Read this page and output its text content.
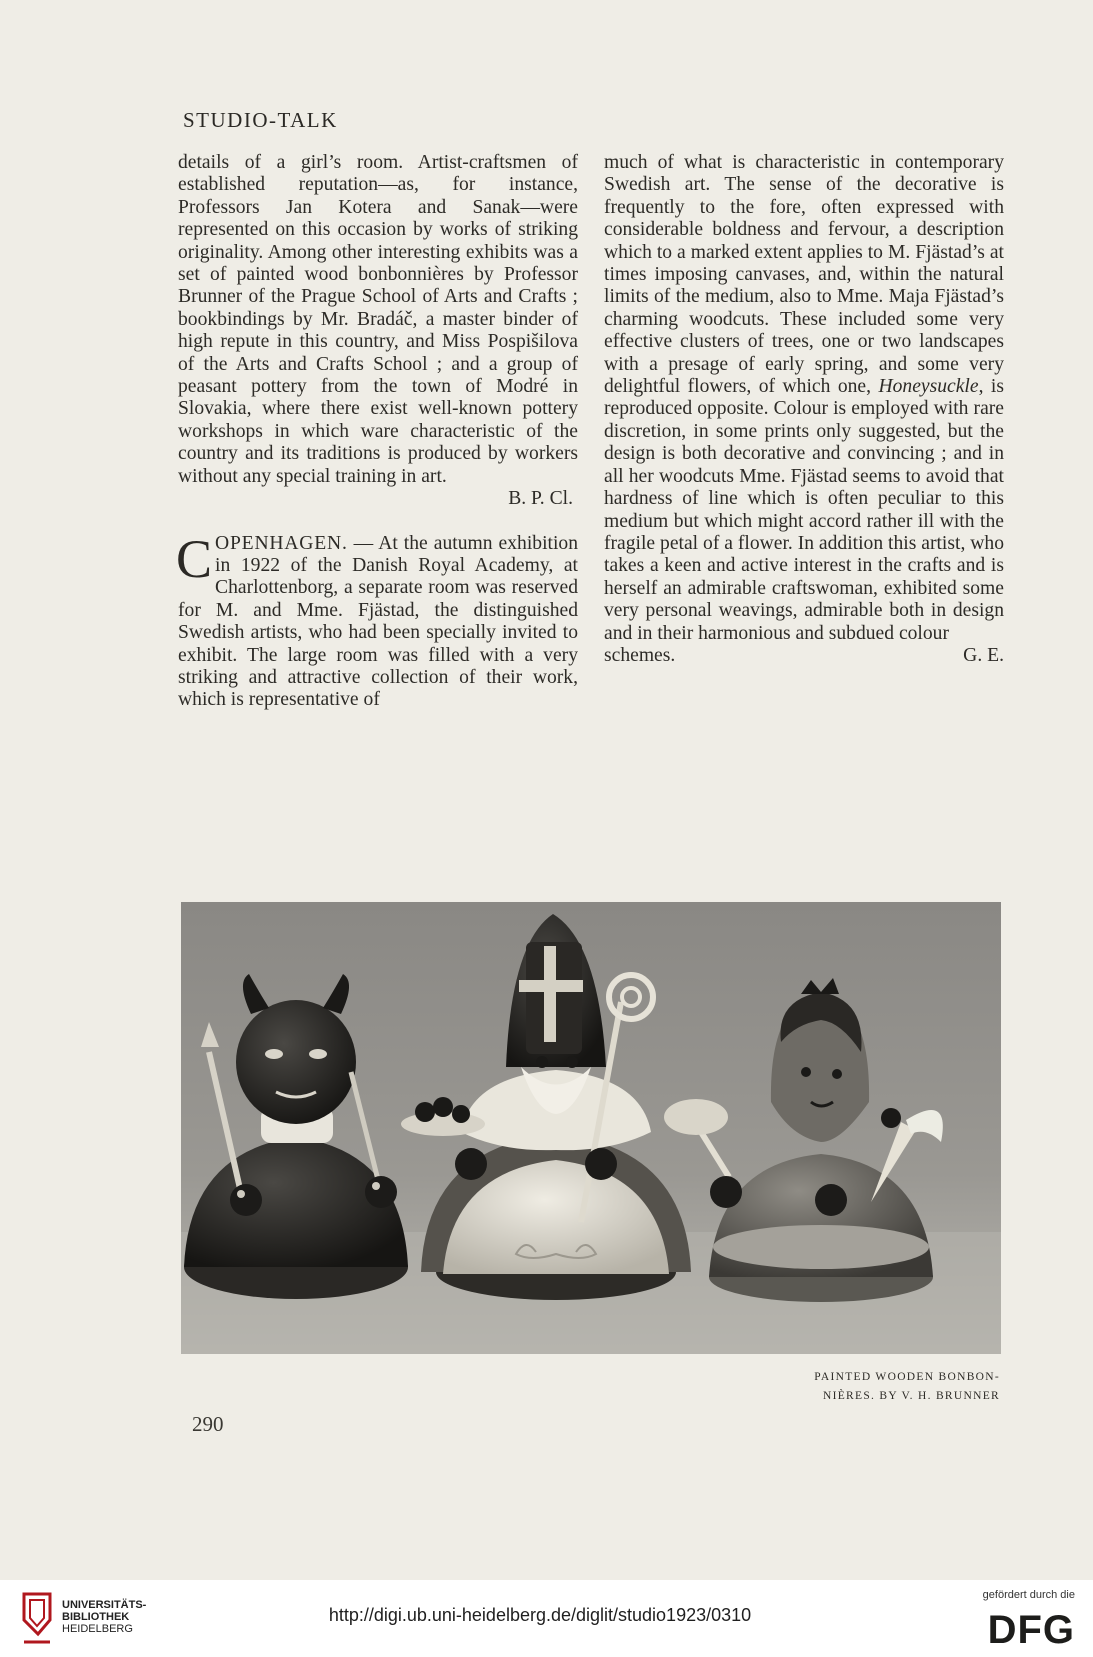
STUDIO-TALK

details of a girl’s room. Artist-craftsmen of established reputation—as, for instance, Professors Jan Kotera and Sanak—were represented on this occasion by works of striking originality. Among other interesting exhibits was a set of painted wood bonbonnières by Professor Brunner of the Prague School of Arts and Crafts ; bookbindings by Mr. Bradáč, a master binder of high repute in this country, and Miss Pospišilova of the Arts and Crafts School ; and a group of peasant pottery from the town of Modré in Slovakia, where there exist well-known pottery workshops in which ware characteristic of the country and its traditions is produced by workers without any special training in art.

B. P. Cl.

COPENHAGEN. — At the autumn exhibition in 1922 of the Danish Royal Academy, at Charlottenborg, a separate room was reserved for M. and Mme. Fjästad, the distinguished Swedish artists, who had been specially invited to exhibit. The large room was filled with a very striking and attractive collection of their work, which is representative of

much of what is characteristic in contemporary Swedish art. The sense of the decorative is frequently to the fore, often expressed with considerable boldness and fervour, a description which to a marked extent applies to M. Fjästad’s at times imposing canvases, and, within the natural limits of the medium, also to Mme. Maja Fjästad’s charming woodcuts. These included some very effective clusters of trees, one or two landscapes with a presage of early spring, and some very delightful flowers, of which one, Honeysuckle, is reproduced opposite. Colour is employed with rare discretion, in some prints only suggested, but the design is both decorative and convincing ; and in all her woodcuts Mme. Fjästad seems to avoid that hardness of line which is often peculiar to this medium but which might accord rather ill with the fragile petal of a flower. In addition this artist, who takes a keen and active interest in the crafts and is herself an admirable craftswoman, exhibited some very personal weavings, admirable both in design and in their harmonious and subdued colour

schemes.	G. E.

PAINTED WOODEN BONBON-
NIÈRES. BY V. H. BRUNNER
290
UNIVERSITÄTS-
BIBLIOTHEK
HEIDELBERG
http://digi.ub.uni-heidelberg.de/diglit/studio1923/0310
gefördert durch die
DFG
